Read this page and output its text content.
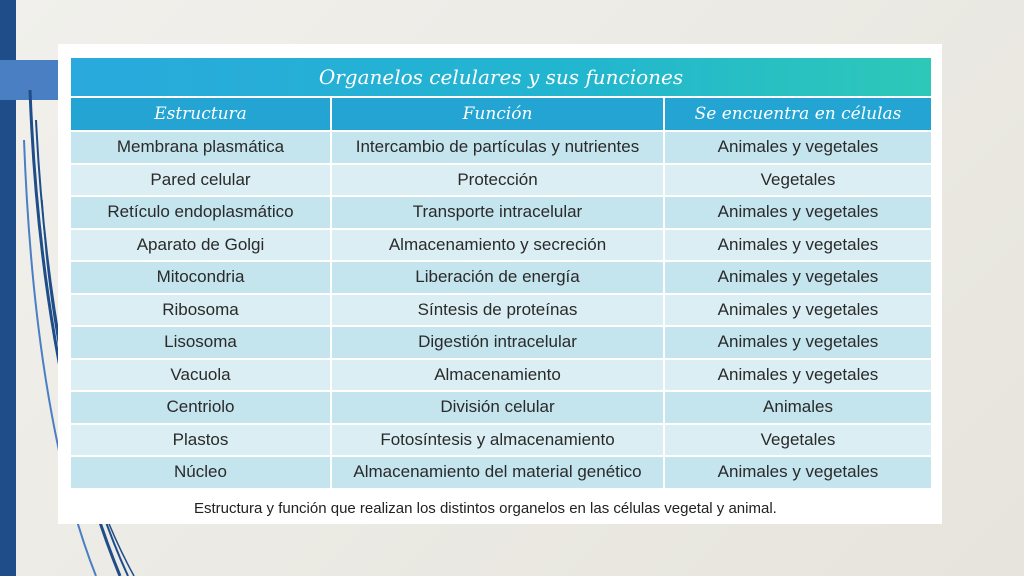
Organelos celulares y sus funciones
Estructura	Función	Se encuentra en células
Membrana plasmática	Intercambio de partículas y nutrientes	Animales y vegetales
Pared celular	Protección	Vegetales
Retículo endoplasmático	Transporte intracelular	Animales y vegetales
Aparato de Golgi	Almacenamiento y secreción	Animales y vegetales
Mitocondria	Liberación de energía	Animales y vegetales
Ribosoma	Síntesis de proteínas	Animales y vegetales
Lisosoma	Digestión intracelular	Animales y vegetales
Vacuola	Almacenamiento	Animales y vegetales
Centriolo	División celular	Animales
Plastos	Fotosíntesis y almacenamiento	Vegetales
Núcleo	Almacenamiento del material genético	Animales y vegetales
Estructura y función que realizan los distintos organelos en las células vegetal y animal.
